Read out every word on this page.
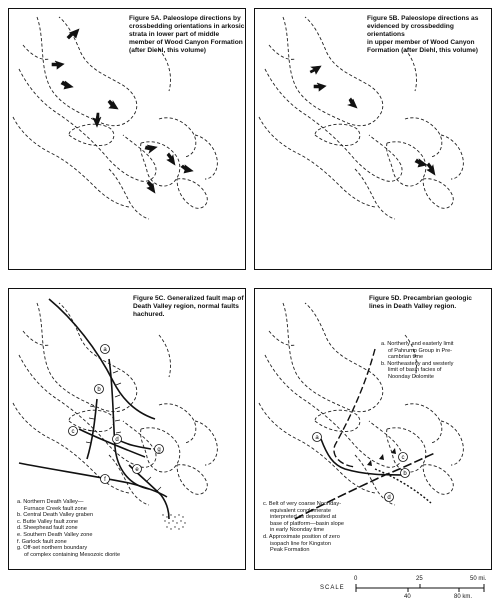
Figure 5A. Paleoslope directions by
crossbedding orientations in arkosic
strata in lower part of middle
member of Wood Canyon Formation
(after Diehl, this volume)
Figure 5B. Paleoslope directions as
evidenced by crossbedding orientations
in upper member of Wood Canyon
Formation (after Diehl, this volume)
a
b
c
d
e
f
g
Figure 5C. Generalized fault map of
Death Valley region, normal faults
hachured.
a. Northern Death Valley—
Furnace Creek fault zone
b. Central Death Valley graben
c. Butte Valley fault zone
d. Sheephead fault zone
e. Southern Death Valley zone
f. Garlock fault zone
g. Off-set northern boundary
of complex containing Mesozoic diorite
a
b
c
d
Figure 5D. Precambrian geologic
lines in Death Valley region.
a. Northerly and easterly limit
of Pahrump Group in Pre-
cambrian time
b. Northeasterly and westerly
limit of basin facies of
Noonday Dolomite
c. Belt of very coarse Noonday-
equivalent conglomerate
interpreted as deposited at
base of platform—basin slope
in early Noonday time
d. Approximate position of zero
isopach line for Kingston
Peak Formation
SCALE
0	25	50 mi.
40	80 km.
